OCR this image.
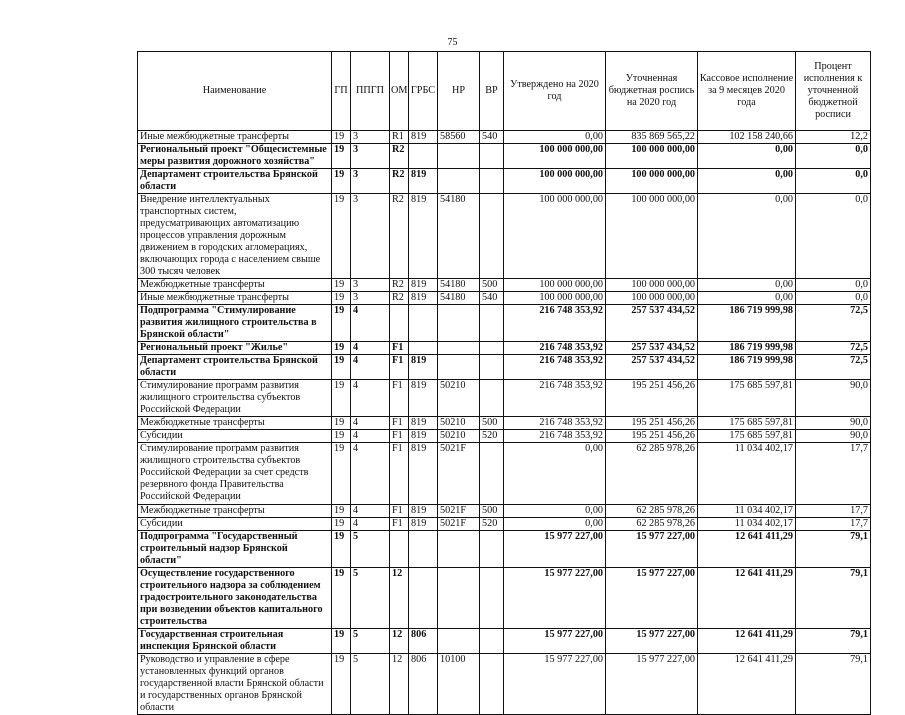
75
Наименование	ГП	ППГП	ОМ	ГРБС	НР	ВР	Утверждено на 2020 год	Уточненная бюджетная роспись на 2020 год	Кассовое исполнение за 9 месяцев 2020 года	Процент исполнения к уточненной бюджетной росписи
Иные межбюджетные трансферты	19	3	R1	819	58560	540	0,00	835 869 565,22	102 158 240,66	12,2
Региональный проект "Общесистемные меры развития дорожного хозяйства"	19	3	R2				100 000 000,00	100 000 000,00	0,00	0,0
Департамент строительства Брянской области	19	3	R2	819			100 000 000,00	100 000 000,00	0,00	0,0
Внедрение интеллектуальных транспортных систем, предусматривающих автоматизацию процессов управления дорожным движением в городских агломерациях, включающих города с населением свыше 300 тысяч человек	19	3	R2	819	54180		100 000 000,00	100 000 000,00	0,00	0,0
Межбюджетные трансферты	19	3	R2	819	54180	500	100 000 000,00	100 000 000,00	0,00	0,0
Иные межбюджетные трансферты	19	3	R2	819	54180	540	100 000 000,00	100 000 000,00	0,00	0,0
Подпрограмма "Стимулирование развития жилищного строительства в Брянской области"	19	4					216 748 353,92	257 537 434,52	186 719 999,98	72,5
Региональный проект "Жилье"	19	4	F1				216 748 353,92	257 537 434,52	186 719 999,98	72,5
Департамент строительства Брянской области	19	4	F1	819			216 748 353,92	257 537 434,52	186 719 999,98	72,5
Стимулирование программ развития жилищного строительства субъектов Российской Федерации	19	4	F1	819	50210		216 748 353,92	195 251 456,26	175 685 597,81	90,0
Межбюджетные трансферты	19	4	F1	819	50210	500	216 748 353,92	195 251 456,26	175 685 597,81	90,0
Субсидии	19	4	F1	819	50210	520	216 748 353,92	195 251 456,26	175 685 597,81	90,0
Стимулирование программ развития жилищного строительства субъектов Российской Федерации за счет средств резервного фонда Правительства Российской Федерации	19	4	F1	819	5021F		0,00	62 285 978,26	11 034 402,17	17,7
Межбюджетные трансферты	19	4	F1	819	5021F	500	0,00	62 285 978,26	11 034 402,17	17,7
Субсидии	19	4	F1	819	5021F	520	0,00	62 285 978,26	11 034 402,17	17,7
Подпрограмма "Государственный строительный надзор Брянской области"	19	5					15 977 227,00	15 977 227,00	12 641 411,29	79,1
Осуществление государственного строительного надзора за соблюдением градостроительного законодательства при возведении объектов капитального строительства	19	5	12				15 977 227,00	15 977 227,00	12 641 411,29	79,1
Государственная строительная инспекция Брянской области	19	5	12	806			15 977 227,00	15 977 227,00	12 641 411,29	79,1
Руководство и управление в сфере установленных функций органов государственной власти Брянской области и государственных органов Брянской области	19	5	12	806	10100		15 977 227,00	15 977 227,00	12 641 411,29	79,1
